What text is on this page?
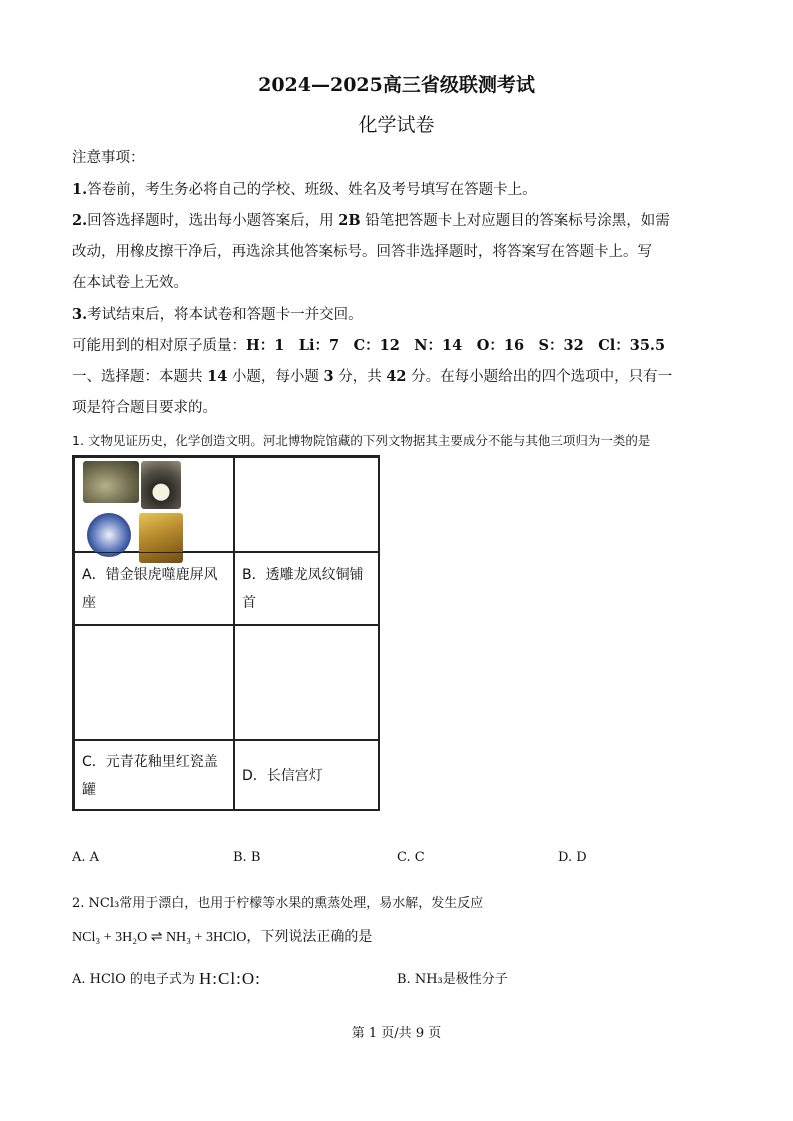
2024—2025高三省级联测考试
化学试卷
注意事项：
1.答卷前，考生务必将自己的学校、班级、姓名及考号填写在答题卡上。
2.回答选择题时，选出每小题答案后，用 2B 铅笔把答题卡上对应题目的答案标号涂黑，如需
改动，用橡皮擦干净后，再选涂其他答案标号。回答非选择题时，将答案写在答题卡上。写
在本试卷上无效。
3.考试结束后，将本试卷和答题卡一并交回。
可能用到的相对原子质量：H：1　Li：7　C：12　N：14　O：16　S：32　Cl：35.5
一、选择题：本题共 14 小题，每小题 3 分，共 42 分。在每小题给出的四个选项中，只有一
项是符合题目要求的。
1. 文物见证历史，化学创造文明。河北博物院馆藏的下列文物据其主要成分不能与其他三项归为一类的是
A．错金银虎噬鹿屏风
座
B．透雕龙凤纹铜铺
首
C．元青花釉里红瓷盖
罐
D．长信宫灯
A. A	B. B	C. C	D. D
2. NCl₃常用于漂白，也用于柠檬等水果的熏蒸处理，易水解，发生反应
NCl₃ + 3H₂O ⇌ NH₃ + 3HClO，下列说法正确的是
A. HClO 的电子式为 H:Cl:O:	B. NH₃是极性分子
第 1 页/共 9 页
